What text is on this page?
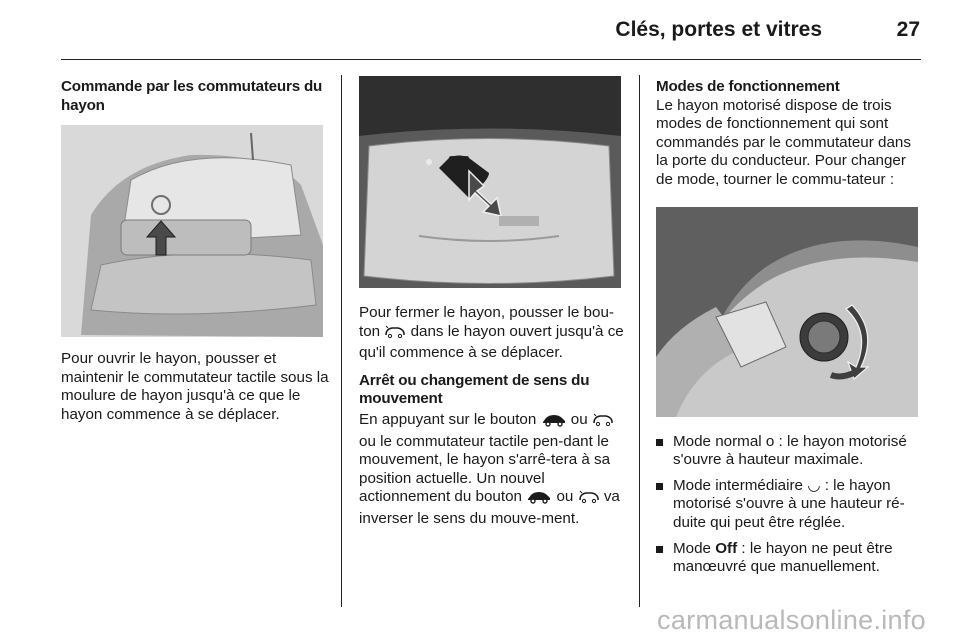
Clés, portes et vitres	27

Commande par les commutateurs du hayon

Pour ouvrir le hayon, pousser et maintenir le commutateur tactile sous la moulure de hayon jusqu'à ce que le hayon commence à se déplacer.

Pour fermer le hayon, pousser le bou-ton dans le hayon ouvert jusqu'à ce qu'il commence à se déplacer.

Arrêt ou changement de sens du mouvement

En appuyant sur le bouton ou  ou le commutateur tactile pen-dant le mouvement, le hayon s'arrê-tera à sa position actuelle. Un nouvel actionnement du bouton ou va inverser le sens du mouve-ment.

Modes de fonctionnement

Le hayon motorisé dispose de trois modes de fonctionnement qui sont commandés par le commutateur dans la porte du conducteur. Pour changer de mode, tourner le commu-tateur :

Mode normal o : le hayon motorisé s'ouvre à hauteur maximale.
Mode intermédiaire ◡ : le hayon motorisé s'ouvre à une hauteur ré-duite qui peut être réglée.
Mode Off : le hayon ne peut être manœuvré que manuellement.
carmanualsonline.info
